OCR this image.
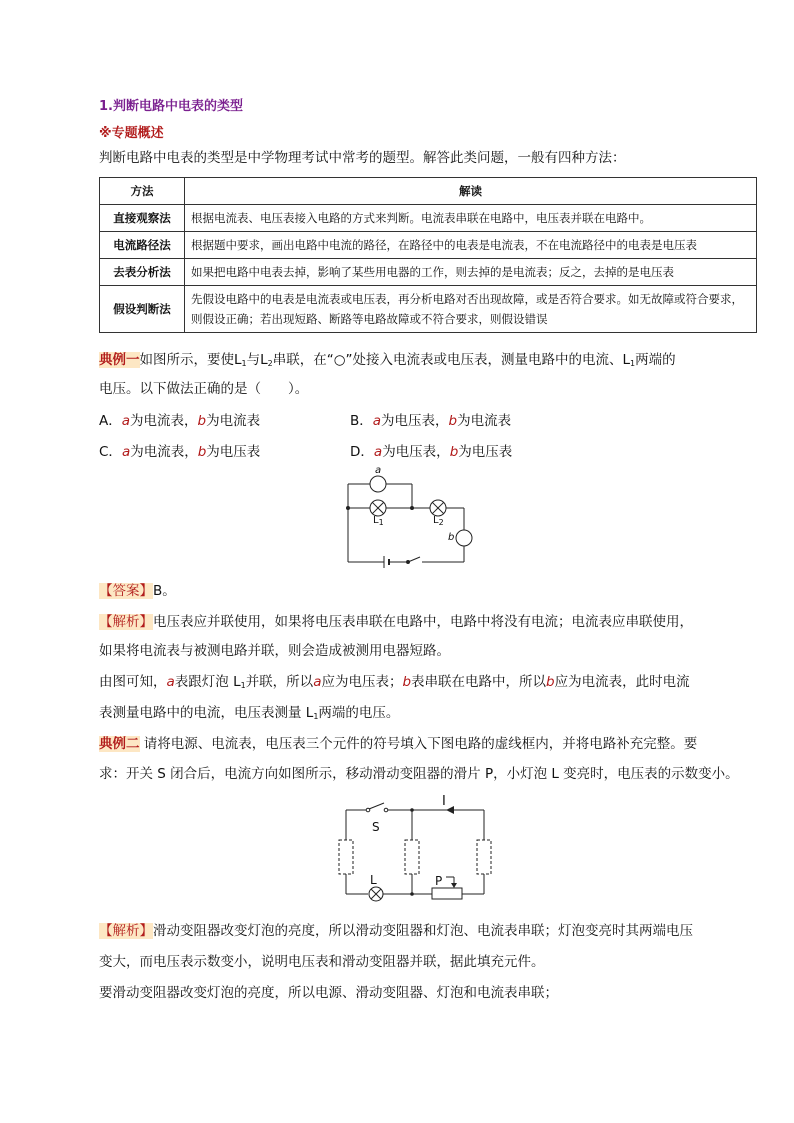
1.判断电路中电表的类型
※专题概述
判断电路中电表的类型是中学物理考试中常考的题型。解答此类问题，一般有四种方法：
方法	解读
直接观察法	根据电流表、电压表接入电路的方式来判断。电流表串联在电路中，电压表并联在电路中。
电流路径法	根据题中要求，画出电路中电流的路径，在路径中的电表是电流表，不在电流路径中的电表是电压表
去表分析法	如果把电路中电表去掉，影响了某些用电器的工作，则去掉的是电流表；反之，去掉的是电压表
假设判断法	先假设电路中的电表是电流表或电压表，再分析电路对否出现故障，或是否符合要求。如无故障或符合要求，则假设正确；若出现短路、断路等电路故障或不符合要求，则假设错误
典例一如图所示，要使$L_1$与$L_2$串联，在“○”处接入电流表或电压表，测量电路中的电流、$L_1$两端的
电压。以下做法正确的是（　　）。
A．a为电流表，b为电流表	B．a为电压表，b为电流表
C．a为电流表，b为电压表	D．a为电压表，b为电压表
a
b
$L_1$	$L_2$
【答案】B。
【解析】电压表应并联使用，如果将电压表串联在电路中，电路中将没有电流；电流表应串联使用，
如果将电流表与被测电路并联，则会造成被测用电器短路。
由图可知，a表跟灯泡 $L_1$并联，所以a应为电压表；b表串联在电路中，所以b应为电流表，此时电流
表测量电路中的电流，电压表测量 $L_1$两端的电压。
典例二 请将电源、电流表，电压表三个元件的符号填入下图电路的虚线框内，并将电路补充完整。要
求：开关 S 闭合后，电流方向如图所示，移动滑动变阻器的滑片 P，小灯泡 L 变亮时，电压表的示数变小。
I
S
L	P
【解析】滑动变阻器改变灯泡的亮度，所以滑动变阻器和灯泡、电流表串联；灯泡变亮时其两端电压
变大，而电压表示数变小，说明电压表和滑动变阻器并联，据此填充元件。
要滑动变阻器改变灯泡的亮度，所以电源、滑动变阻器、灯泡和电流表串联；
